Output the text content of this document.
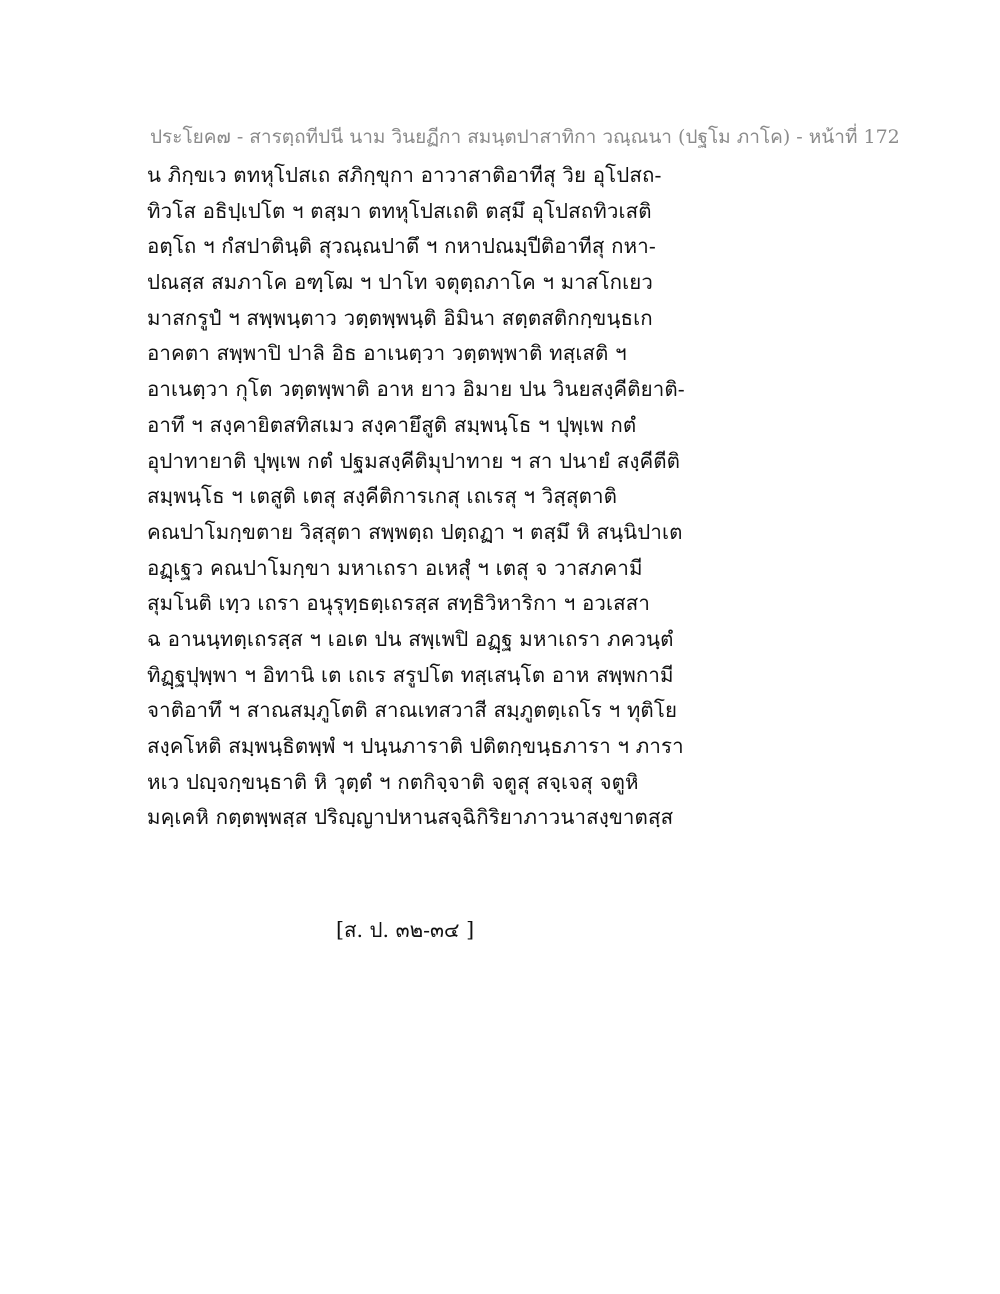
ประโยค๗ - สารตฺถทีปนี นาม วินยฏีกา สมนฺตปาสาทิกา วณฺณนา (ปฐโม ภาโค) - หน้าที่ 172
น ภิกฺขเว ตทหุโปสเถ สภิกฺขุกา อาวาสาติอาทีสุ วิย อุโปสถ-
ทิวโส อธิปฺเปโต ฯ ตสฺมา ตทหุโปสเถติ ตสฺมึ อุโปสถทิวเสติ
อตฺโถ ฯ กํสปาตินฺติ สุวณฺณปาตึ ฯ กหาปณมฺปีติอาทีสุ กหา-
ปณสฺส สมภาโค อฑฺโฒ ฯ ปาโท จตุตฺถภาโค ฯ มาสโกเยว
มาสกรูปํ ฯ สพฺพนฺตาว วตฺตพฺพนฺติ อิมินา สตฺตสติกกฺขนฺธเก
อาคตา สพฺพาปิ ปาลิ อิธ อาเนตฺวา วตฺตพฺพาติ ทสฺเสติ ฯ
อาเนตฺวา กุโต วตฺตพฺพาติ อาห ยาว อิมาย ปน วินยสงฺคีติยาติ-
อาทึ ฯ สงฺคายิตสทิสเมว สงฺคายึสูติ สมฺพนฺโธ ฯ ปุพฺเพ กตํ
อุปาทายาติ ปุพฺเพ กตํ ปฐมสงฺคีติมุปาทาย ฯ สา ปนายํ สงฺคีตีติ
สมฺพนฺโธ ฯ เตสูติ เตสุ สงฺคีติการเกสุ เถเรสุ ฯ วิสฺสุตาติ
คณปาโมกฺขตาย วิสฺสุตา สพฺพตฺถ ปตฺถฏา ฯ ตสฺมึ หิ สนฺนิปาเต
อฏฺเฐว คณปาโมกฺขา มหาเถรา อเหสุํ ฯ เตสุ จ วาสภคามี
สุมโนติ เทฺว เถรา อนุรุทฺธตฺเถรสฺส สทฺธิวิหาริกา ฯ อวเสสา
ฉ อานนฺทตฺเถรสฺส ฯ เอเต ปน สพฺเพปิ อฏฺฐ มหาเถรา ภควนฺตํ
ทิฏฺฐปุพฺพา ฯ อิทานิ เต เถเร สรูปโต ทสฺเสนฺโต อาห สพฺพกามี
จาติอาทึ ฯ สาณสมฺภูโตติ สาณเทสวาสี สมฺภูตตฺเถโร ฯ ทุติโย
สงฺคโหติ สมฺพนฺธิตพฺพํ ฯ ปนฺนภาราติ ปติตกฺขนฺธภารา ฯ ภารา
หเว ปญฺจกฺขนฺธาติ หิ วุตฺตํ ฯ กตกิจฺจาติ จตูสุ สจฺเจสุ จตูหิ
มคฺเคหิ กตฺตพฺพสฺส ปริญฺญาปหานสจฺฉิกิริยาภาวนาสงฺขาตสฺส
[ส. ป. ๓๒-๓๔ ]
